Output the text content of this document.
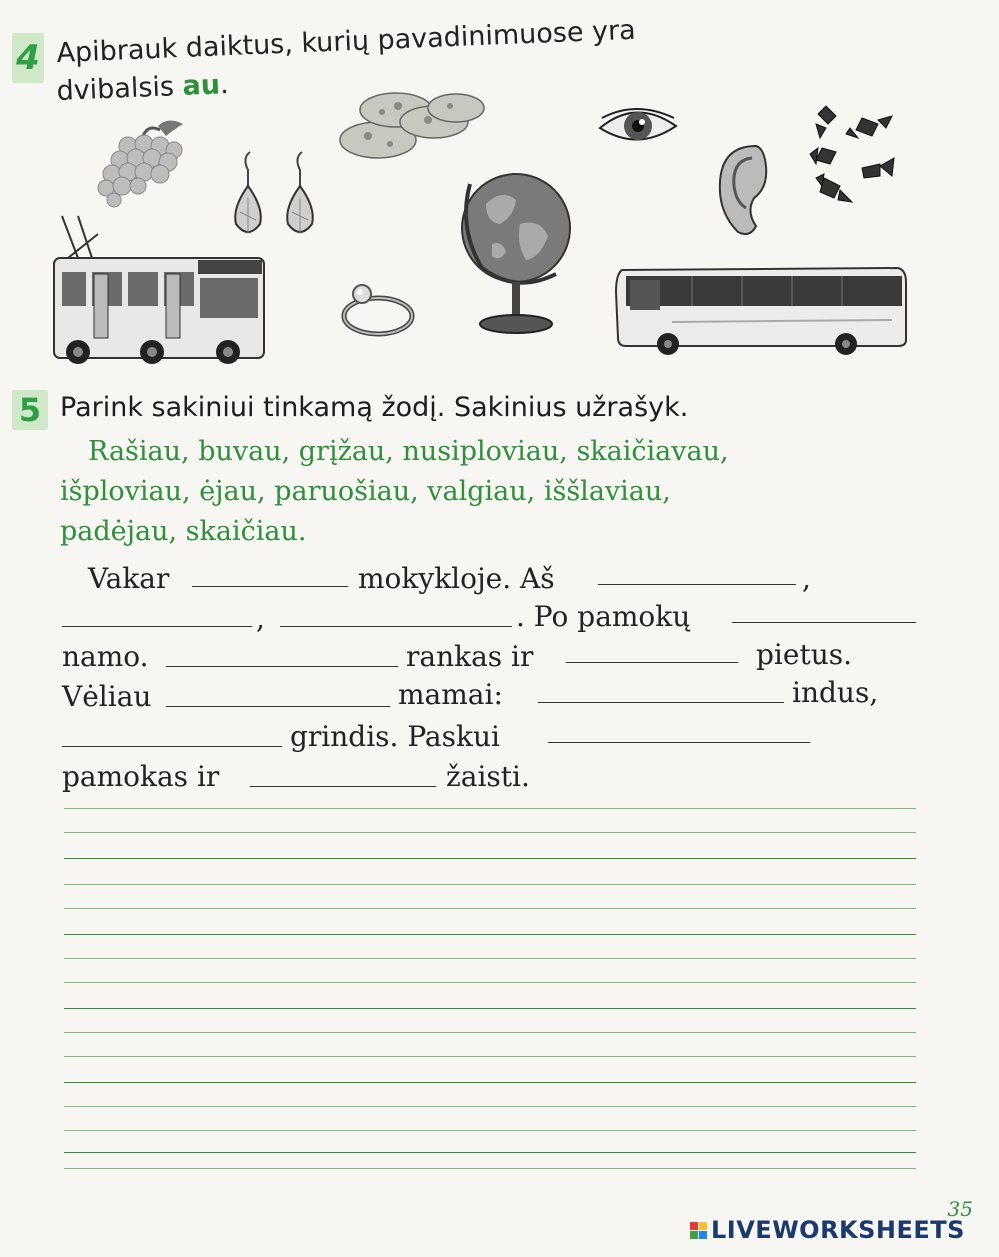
4 Apibrauk daiktus, kurių pavadinimuose yra
dvibalsis au.
5 Parink sakiniui tinkamą žodį. Sakinius užrašyk.
Rašiau, buvau, grįžau, nusiploviau, skaičiavau,
išploviau, ėjau, paruošiau, valgiau, iššlaviau,
padėjau, skaičiau.
Vakar	mokykloje. Aš	,
,	. Po pamokų
namo.	rankas ir	pietus.
Vėliau	mamai:	indus,
grindis. Paskui
pamokas ir	žaisti.
35
LIVEWORKSHEETS
